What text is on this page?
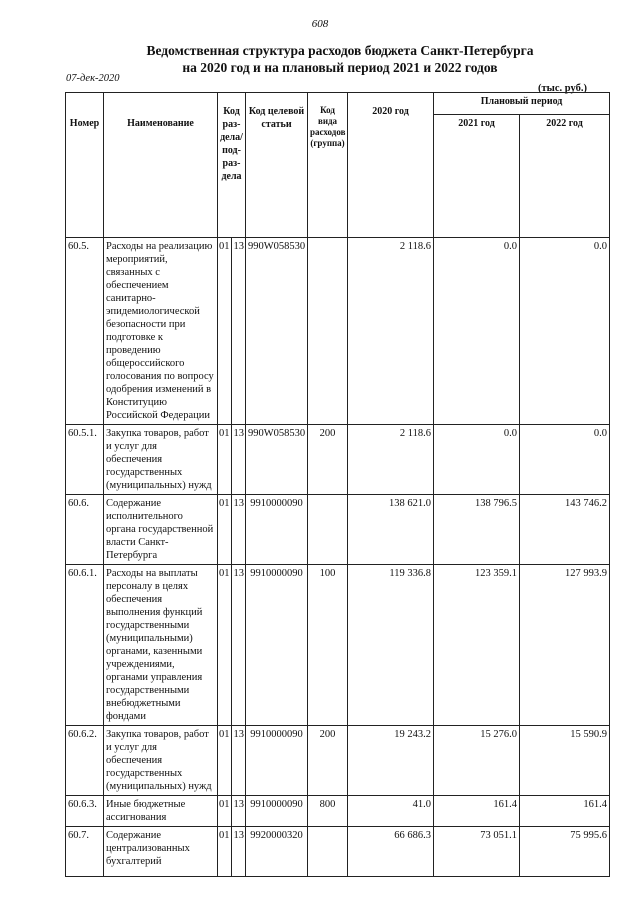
608
Ведомственная структура расходов бюджета Санкт-Петербурга
на 2020 год и на плановый период 2021 и 2022 годов
07-дек-2020
(тыс. руб.)
Номер	Наименование	Код раз-дела/ под-раз-дела		Код целевой статьи	Код вида расходов (группа)	2020 год	Плановый период	
							2021 год	2022 год
60.5.	Расходы на реализацию мероприятий, связанных с обеспечением санитарно-эпидемиологической безопасности при подготовке к проведению общероссийского голосования по вопросу одобрения изменений в Конституцию Российской Федерации	01	13	990W058530		2 118.6	0.0	0.0
60.5.1.	Закупка товаров, работ и услуг для обеспечения государственных (муниципальных) нужд	01	13	990W058530	200	2 118.6	0.0	0.0
60.6.	Содержание исполнительного органа государственной власти Санкт-Петербурга	01	13	9910000090		138 621.0	138 796.5	143 746.2
60.6.1.	Расходы на выплаты персоналу в целях обеспечения выполнения функций государственными (муниципальными) органами, казенными учреждениями, органами управления государственными внебюджетными фондами	01	13	9910000090	100	119 336.8	123 359.1	127 993.9
60.6.2.	Закупка товаров, работ и услуг для обеспечения государственных (муниципальных) нужд	01	13	9910000090	200	19 243.2	15 276.0	15 590.9
60.6.3.	Иные бюджетные ассигнования	01	13	9910000090	800	41.0	161.4	161.4
60.7.	Содержание централизованных бухгалтерий	01	13	9920000320		66 686.3	73 051.1	75 995.6
